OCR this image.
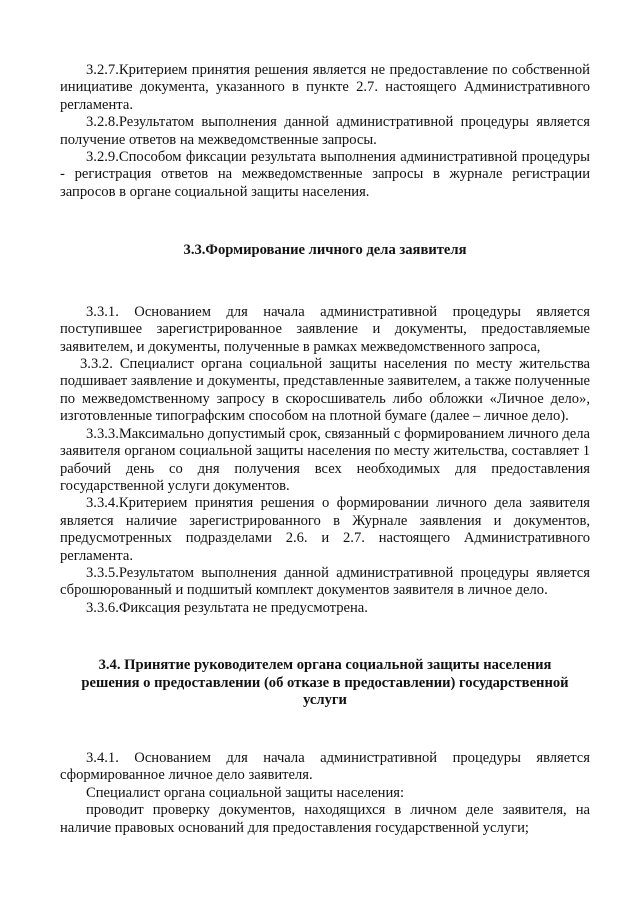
3.2.7.Критерием принятия решения является не предоставление по собственной инициативе документа, указанного в пункте 2.7. настоящего Административного регламента.

3.2.8.Результатом выполнения данной административной процедуры является получение ответов на межведомственные запросы.

3.2.9.Способом фиксации результата выполнения административной процедуры - регистрация ответов на межведомственные запросы в журнале регистрации запросов в органе социальной защиты населения.

3.3.Формирование личного дела заявителя

3.3.1. Основанием для начала административной процедуры является поступившее зарегистрированное заявление и документы, предоставляемые заявителем, и документы, полученные в рамках межведомственного запроса,

3.3.2. Специалист органа социальной защиты населения по месту жительства подшивает заявление и документы, представленные заявителем, а также полученные по межведомственному запросу в скоросшиватель либо обложки «Личное дело», изготовленные типографским способом на плотной бумаге (далее – личное дело).

3.3.3.Максимально допустимый срок, связанный с формированием личного дела заявителя органом социальной защиты населения по месту жительства, составляет 1 рабочий день со дня получения всех необходимых для предоставления государственной услуги документов.

3.3.4.Критерием принятия решения о формировании личного дела заявителя является наличие зарегистрированного в Журнале заявления и документов, предусмотренных подразделами 2.6. и 2.7. настоящего Административного регламента.

3.3.5.Результатом выполнения данной административной процедуры является сброшюрованный и подшитый комплект документов заявителя в личное дело.

3.3.6.Фиксация результата не предусмотрена.

3.4. Принятие руководителем органа социальной защиты населения решения о предоставлении (об отказе в предоставлении) государственной услуги

3.4.1. Основанием для начала административной процедуры является сформированное личное дело заявителя.

Специалист органа социальной защиты населения:

проводит проверку документов, находящихся в личном деле заявителя, на наличие правовых оснований для предоставления государственной услуги;
